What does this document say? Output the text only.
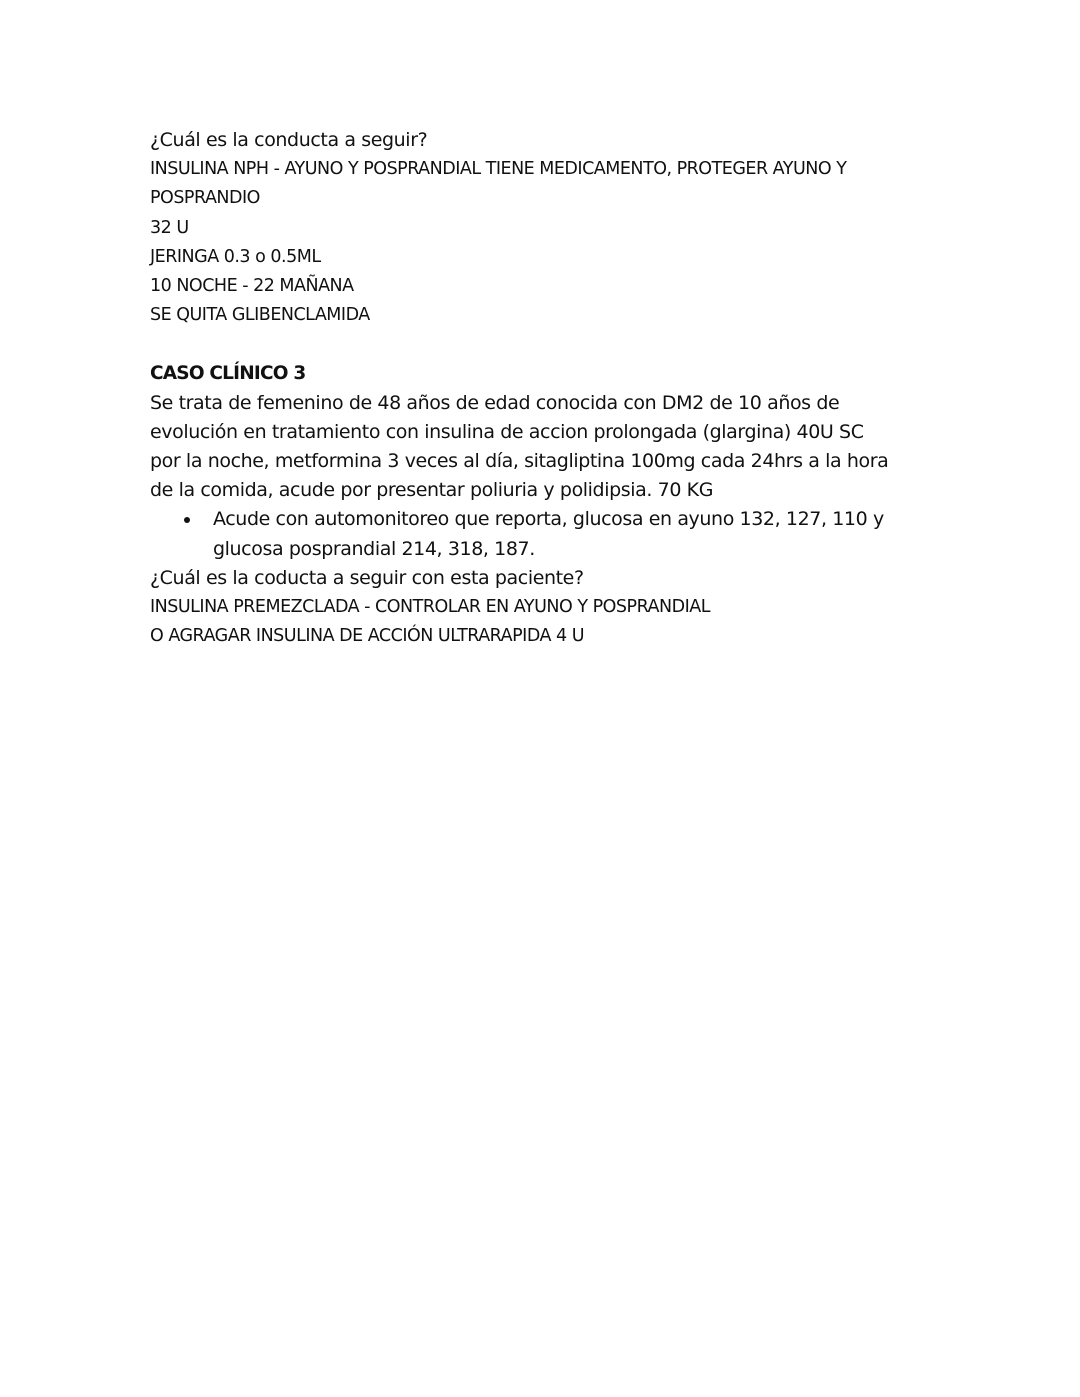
¿Cuál es la conducta a seguir?
INSULINA NPH - AYUNO Y POSPRANDIAL TIENE MEDICAMENTO, PROTEGER AYUNO Y
POSPRANDIO
32 U
JERINGA 0.3 o 0.5ML
10 NOCHE - 22 MAÑANA
SE QUITA GLIBENCLAMIDA
CASO CLÍNICO 3
Se trata de femenino de 48 años de edad conocida con DM2 de 10 años de
evolución en tratamiento con insulina de accion prolongada (glargina) 40U SC
por la noche, metformina 3 veces al día, sitagliptina 100mg cada 24hrs a la hora
de la comida, acude por presentar poliuria y polidipsia. 70 KG
Acude con automonitoreo que reporta, glucosa en ayuno 132, 127, 110 y
glucosa posprandial 214, 318, 187.
¿Cuál es la coducta a seguir con esta paciente?
INSULINA PREMEZCLADA - CONTROLAR EN AYUNO Y POSPRANDIAL
O AGRAGAR INSULINA DE ACCIÓN ULTRARAPIDA 4 U
